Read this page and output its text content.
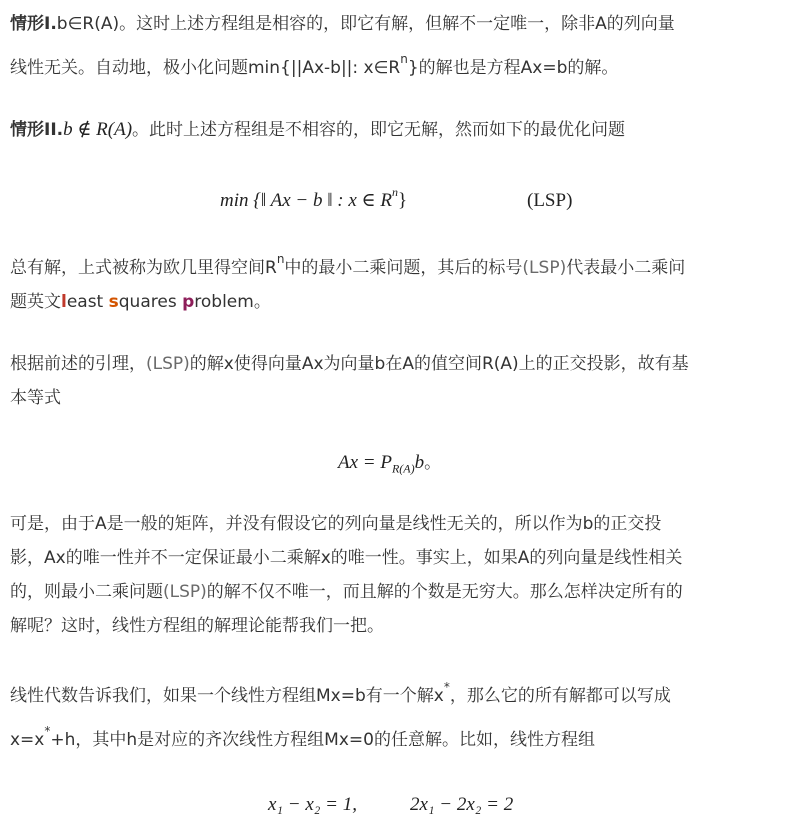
情形I.b∈R(A)。这时上述方程组是相容的，即它有解，但解不一定唯一，除非A的列向量
线性无关。自动地，极小化问题min{||Ax-b||: $x\in R^n$}的解也是方程Ax=b的解。
情形II.b ∉ R(A)。此时上述方程组是不相容的，即它无解，然而如下的最优化问题
min {‖ Ax − b ‖ : x ∈ $R^n$}	(LSP)
总有解，上式被称为欧几里得空间$R^n$中的最小二乘问题，其后的标号(LSP)代表最小二乘问
题英文least squares problem。
根据前述的引理，(LSP)的解x使得向量Ax为向量b在A的值空间R(A)上的正交投影，故有基
本等式
$Ax = P_{R(A)}b$。
可是，由于A是一般的矩阵，并没有假设它的列向量是线性无关的，所以作为b的正交投
影，Ax的唯一性并不一定保证最小二乘解x的唯一性。事实上，如果A的列向量是线性相关
的，则最小二乘问题(LSP)的解不仅不唯一，而且解的个数是无穷大。那么怎样决定所有的
解呢？这时，线性方程组的解理论能帮我们一把。
线性代数告诉我们，如果一个线性方程组Mx=b有一个解x*，那么它的所有解都可以写成
x=x*+h，其中h是对应的齐次线性方程组Mx=0的任意解。比如，线性方程组
x₁ − x₂ = 1,	2x₁ − 2x₂ = 2
